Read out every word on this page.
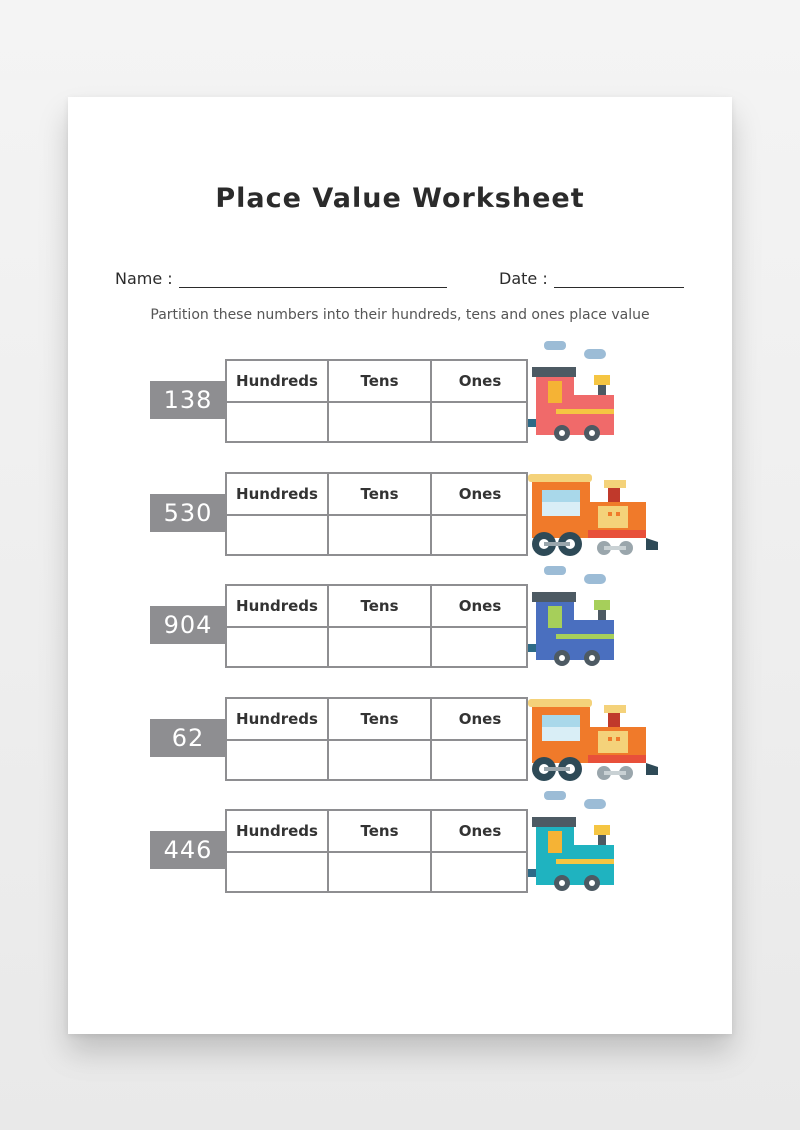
Place Value Worksheet
Name :	Date :
Partition these numbers into their hundreds, tens and ones place value
138
Hundreds	Tens	Ones
530
Hundreds	Tens	Ones
904
Hundreds	Tens	Ones
62
Hundreds	Tens	Ones
446
Hundreds	Tens	Ones
